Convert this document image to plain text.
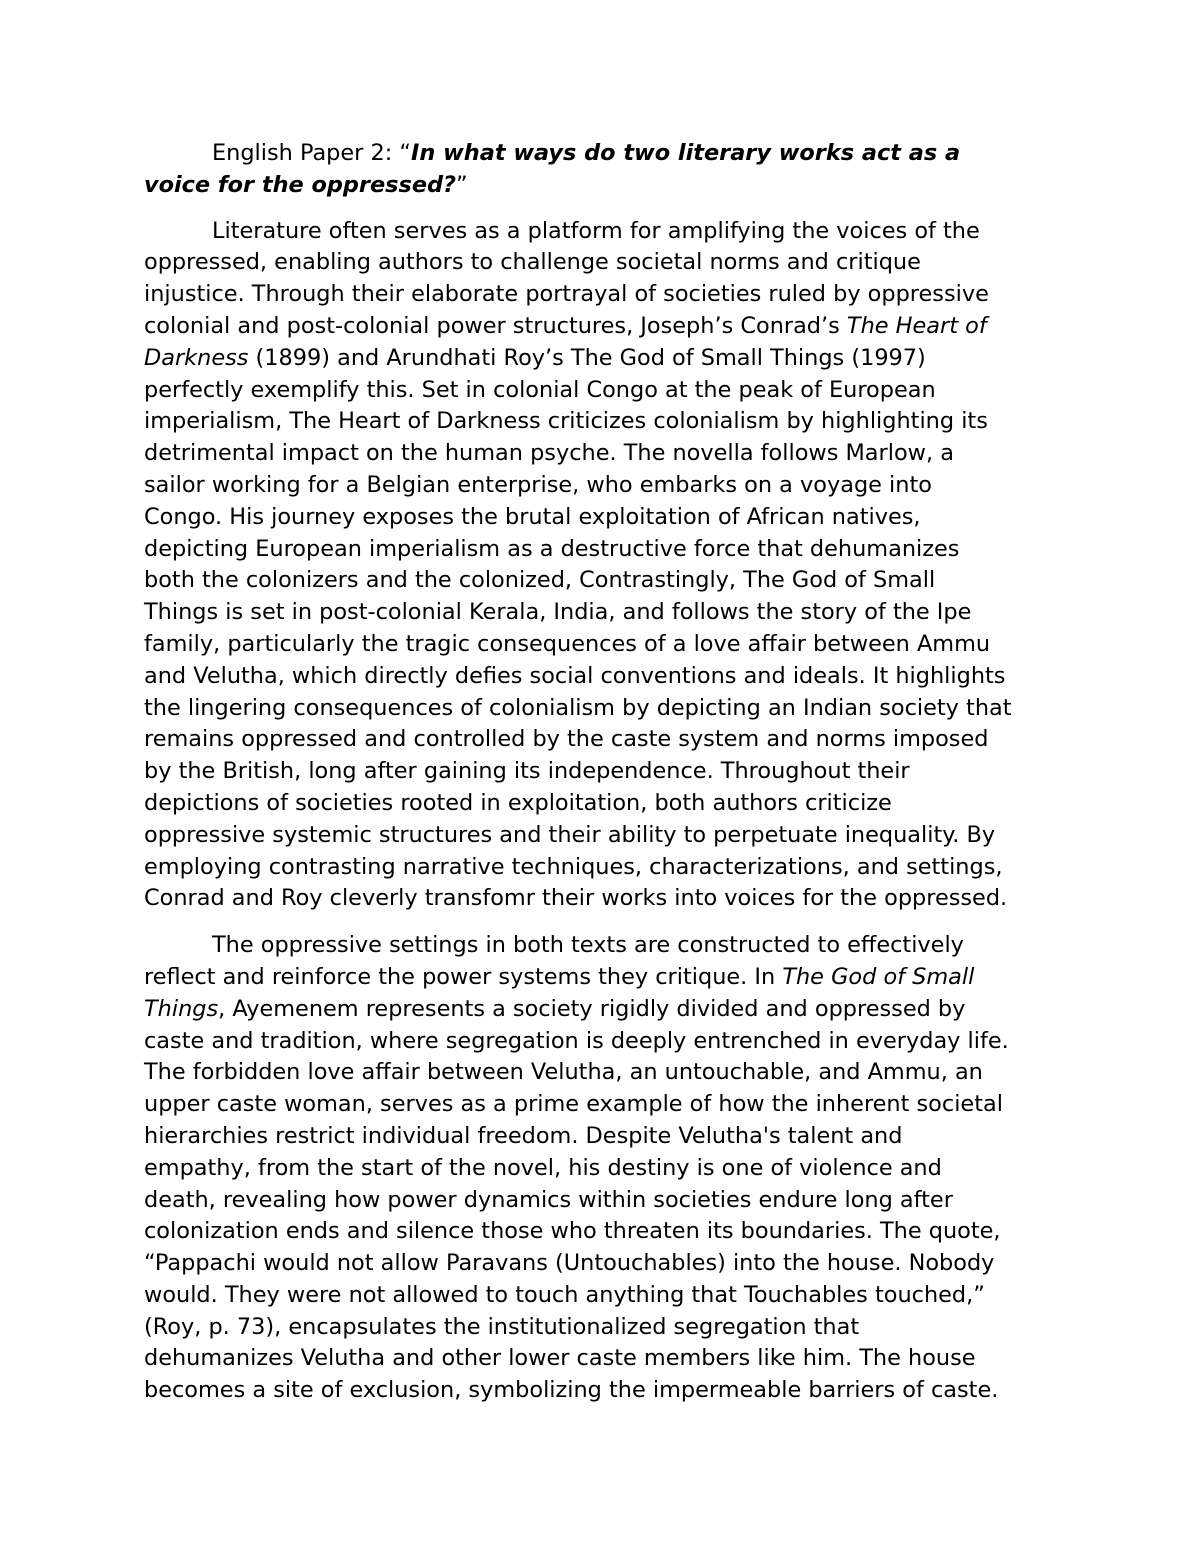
English Paper 2: “In what ways do two literary works act as a
voice for the oppressed?”

Literature often serves as a platform for amplifying the voices of the
oppressed, enabling authors to challenge societal norms and critique
injustice. Through their elaborate portrayal of societies ruled by oppressive
colonial and post-colonial power structures, Joseph’s Conrad’s The Heart of
Darkness (1899) and Arundhati Roy’s The God of Small Things (1997)
perfectly exemplify this. Set in colonial Congo at the peak of European
imperialism, The Heart of Darkness criticizes colonialism by highlighting its
detrimental impact on the human psyche. The novella follows Marlow, a
sailor working for a Belgian enterprise, who embarks on a voyage into
Congo. His journey exposes the brutal exploitation of African natives,
depicting European imperialism as a destructive force that dehumanizes
both the colonizers and the colonized, Contrastingly, The God of Small
Things is set in post-colonial Kerala, India, and follows the story of the Ipe
family, particularly the tragic consequences of a love affair between Ammu
and Velutha, which directly defies social conventions and ideals. It highlights
the lingering consequences of colonialism by depicting an Indian society that
remains oppressed and controlled by the caste system and norms imposed
by the British, long after gaining its independence. Throughout their
depictions of societies rooted in exploitation, both authors criticize
oppressive systemic structures and their ability to perpetuate inequality. By
employing contrasting narrative techniques, characterizations, and settings,
Conrad and Roy cleverly transfomr their works into voices for the oppressed.

The oppressive settings in both texts are constructed to effectively
reflect and reinforce the power systems they critique. In The God of Small
Things, Ayemenem represents a society rigidly divided and oppressed by
caste and tradition, where segregation is deeply entrenched in everyday life.
The forbidden love affair between Velutha, an untouchable, and Ammu, an
upper caste woman, serves as a prime example of how the inherent societal
hierarchies restrict individual freedom. Despite Velutha's talent and
empathy, from the start of the novel, his destiny is one of violence and
death, revealing how power dynamics within societies endure long after
colonization ends and silence those who threaten its boundaries. The quote,
“Pappachi would not allow Paravans (Untouchables) into the house. Nobody
would. They were not allowed to touch anything that Touchables touched,”
(Roy, p. 73), encapsulates the institutionalized segregation that
dehumanizes Velutha and other lower caste members like him. The house
becomes a site of exclusion, symbolizing the impermeable barriers of caste.
